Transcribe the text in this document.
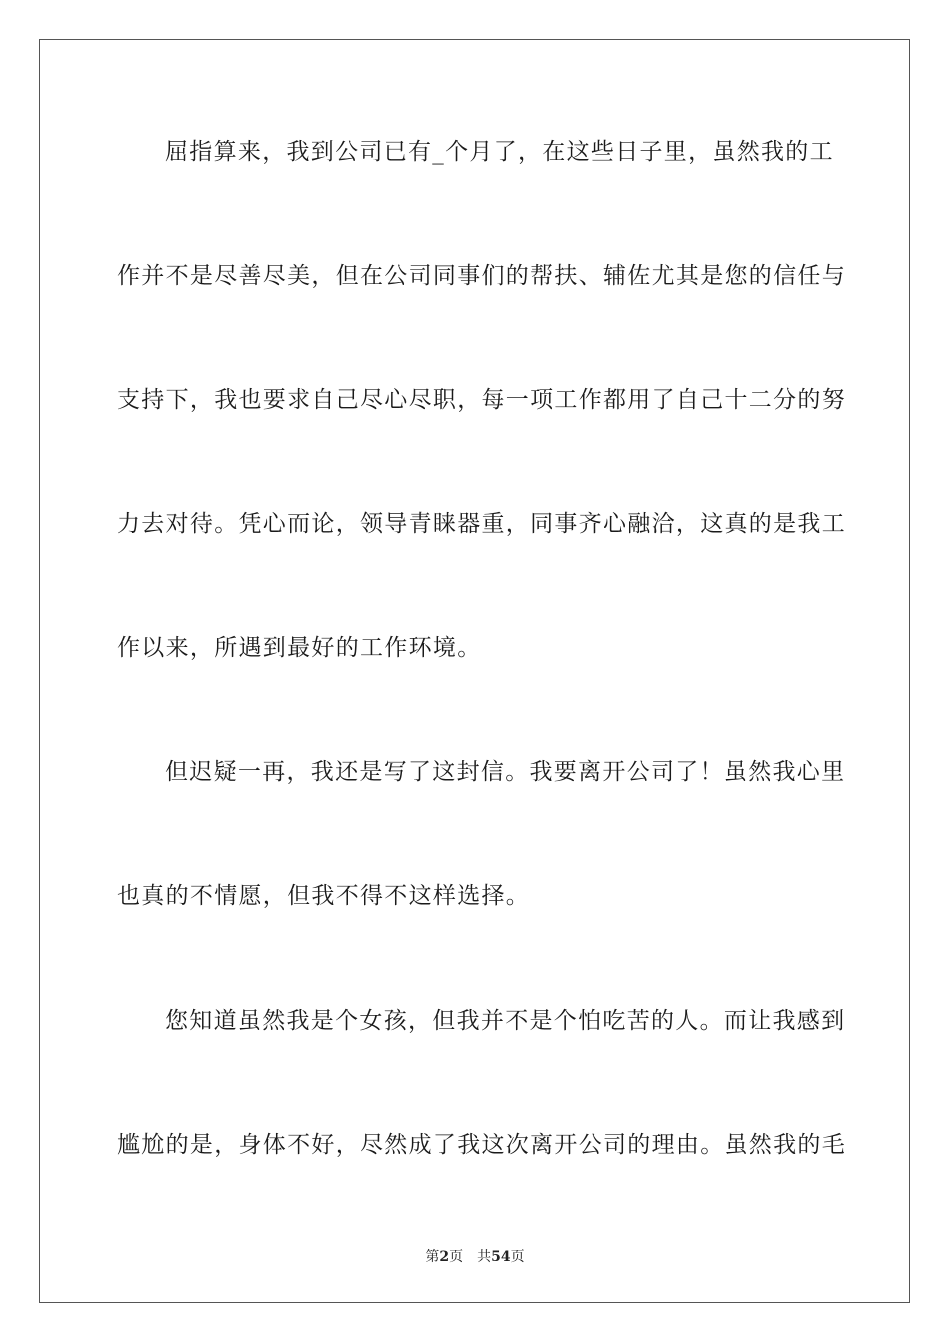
屈指算来，我到公司已有_个月了，在这些日子里，虽然我的工
作并不是尽善尽美，但在公司同事们的帮扶、辅佐尤其是您的信任与
支持下，我也要求自己尽心尽职，每一项工作都用了自己十二分的努
力去对待。凭心而论，领导青睐器重，同事齐心融洽，这真的是我工
作以来，所遇到最好的工作环境。
但迟疑一再，我还是写了这封信。我要离开公司了！虽然我心里
也真的不情愿，但我不得不这样选择。
您知道虽然我是个女孩，但我并不是个怕吃苦的人。而让我感到
尴尬的是，身体不好，尽然成了我这次离开公司的理由。虽然我的毛
第2页 共54页
